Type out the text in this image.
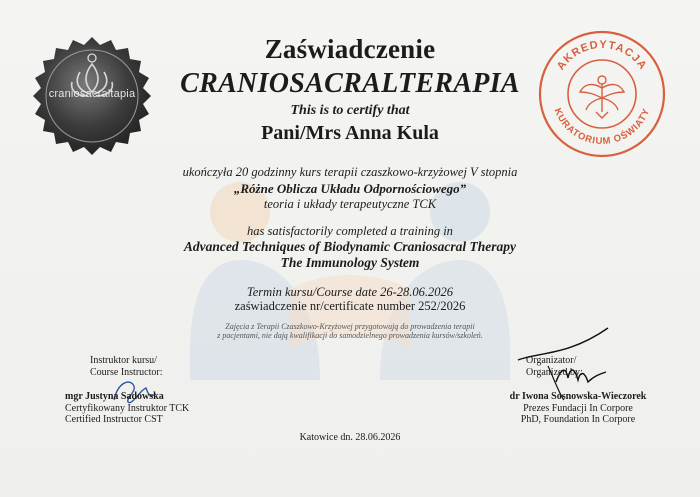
craniosacraltapia
AKREDYTACJA
KURATORIUM OŚWIATY
Zaświadczenie
CRANIOSACRALTERAPIA
This is to certify that
Pani/Mrs Anna Kula
ukończyła 20 godzinny kurs terapii czaszkowo-krzyżowej V stopnia
„Różne Oblicza Układu Odpornościowego”
teoria i układy terapeutyczne TCK
has satisfactorily completed a training in
Advanced Techniques of Biodynamic Craniosacral Therapy
The Immunology System
Termin kursu/Course date 26-28.06.2026
zaświadczenie nr/certificate number 252/2026
Zajęcia z Terapii Czaszkowo-Krzyżowej przygotowują do prowadzenia terapii
z pacjentami, nie dają kwalifikacji do samodzielnego prowadzenia kursów/szkoleń.
Instruktor kursu/
Course Instructor:
mgr Justyna Sadowska
Certyfikowany Instruktor TCK
Certified Instructor CST
Organizator/
Organized by:
dr Iwona Sosnowska-Wieczorek
Prezes Fundacji In Corpore
PhD, Foundation In Corpore
Katowice dn. 28.06.2026
